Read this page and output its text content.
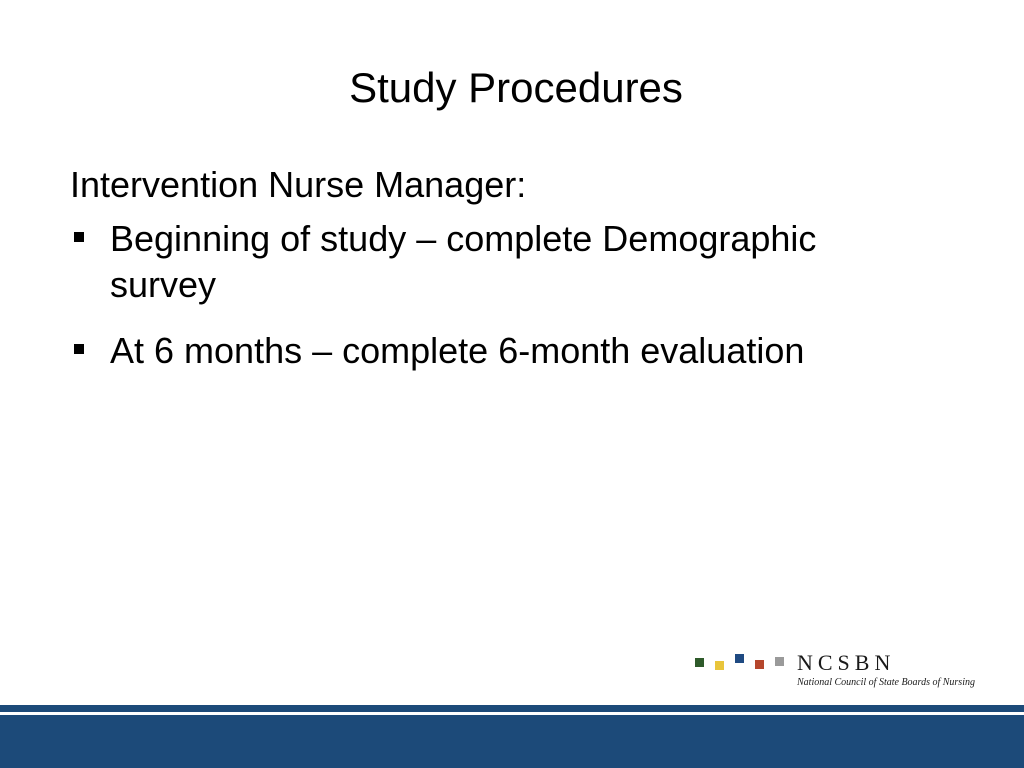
Study Procedures

Intervention Nurse Manager:

Beginning of study – complete Demographic survey
At 6 months – complete 6-month evaluation
NCSBN
National Council of State Boards of Nursing
